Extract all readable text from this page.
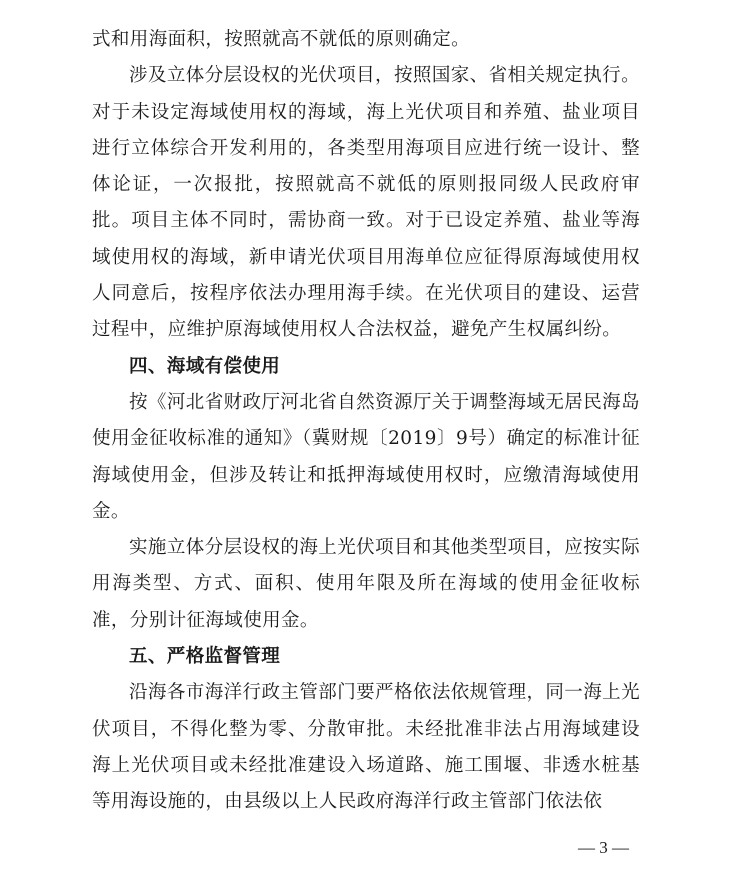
式和用海面积，按照就高不就低的原则确定。

涉及立体分层设权的光伏项目，按照国家、省相关规定执行。对于未设定海域使用权的海域，海上光伏项目和养殖、盐业项目进行立体综合开发利用的，各类型用海项目应进行统一设计、整体论证，一次报批，按照就高不就低的原则报同级人民政府审批。项目主体不同时，需协商一致。对于已设定养殖、盐业等海域使用权的海域，新申请光伏项目用海单位应征得原海域使用权人同意后，按程序依法办理用海手续。在光伏项目的建设、运营过程中，应维护原海域使用权人合法权益，避免产生权属纠纷。

四、海域有偿使用

按《河北省财政厅河北省自然资源厅关于调整海域无居民海岛使用金征收标准的通知》（冀财规〔2019〕9号）确定的标准计征海域使用金，但涉及转让和抵押海域使用权时，应缴清海域使用金。

实施立体分层设权的海上光伏项目和其他类型项目，应按实际用海类型、方式、面积、使用年限及所在海域的使用金征收标准，分别计征海域使用金。

五、严格监督管理

沿海各市海洋行政主管部门要严格依法依规管理，同一海上光伏项目，不得化整为零、分散审批。未经批准非法占用海域建设海上光伏项目或未经批准建设入场道路、施工围堰、非透水桩基等用海设施的，由县级以上人民政府海洋行政主管部门依法依

— 3 —
